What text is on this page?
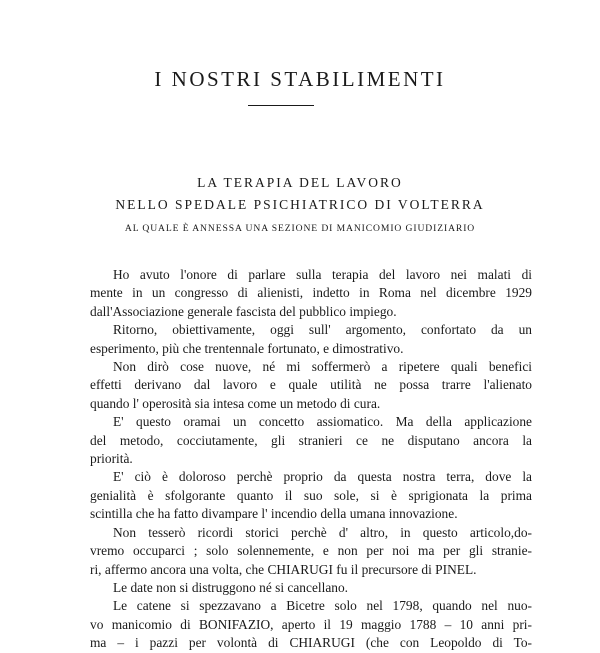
I NOSTRI STABILIMENTI
LA TERAPIA DEL LAVORO
NELLO SPEDALE PSICHIATRICO DI VOLTERRA
AL QUALE È ANNESSA UNA SEZIONE DI MANICOMIO GIUDIZIARIO

Ho avuto l'onore di parlare sulla terapia del lavoro nei malati di

mente in un congresso di alienisti, indetto in Roma nel dicembre 1929

dall'Associazione generale fascista del pubblico impiego.

Ritorno, obiettivamente, oggi sull' argomento, confortato da un

esperimento, più che trentennale fortunato, e dimostrativo.

Non dirò cose nuove, né mi soffermerò a ripetere quali benefici

effetti derivano dal lavoro e quale utilità ne possa trarre l'alienato

quando l' operosità sia intesa come un metodo di cura.

E' questo oramai un concetto assiomatico. Ma della applicazione

del metodo, cocciutamente, gli stranieri ce ne disputano ancora la

priorità.

E' ciò è doloroso perchè proprio da questa nostra terra, dove la

genialità è sfolgorante quanto il suo sole, si è sprigionata la prima

scintilla che ha fatto divampare l' incendio della umana innovazione.

Non tesserò ricordi storici perchè d' altro, in questo articolo,do-

vremo occuparci ; solo solennemente, e non per noi ma per gli stranie-

ri, affermo ancora una volta, che CHIARUGI fu il precursore di PINEL.

Le date non si distruggono né si cancellano.

Le catene si spezzavano a Bicetre solo nel 1798, quando nel nuo-

vo manicomio di BONIFAZIO, aperto il 19 maggio 1788 – 10 anni pri-

ma – i pazzi per volontà di CHIARUGI (che con Leopoldo di To-
